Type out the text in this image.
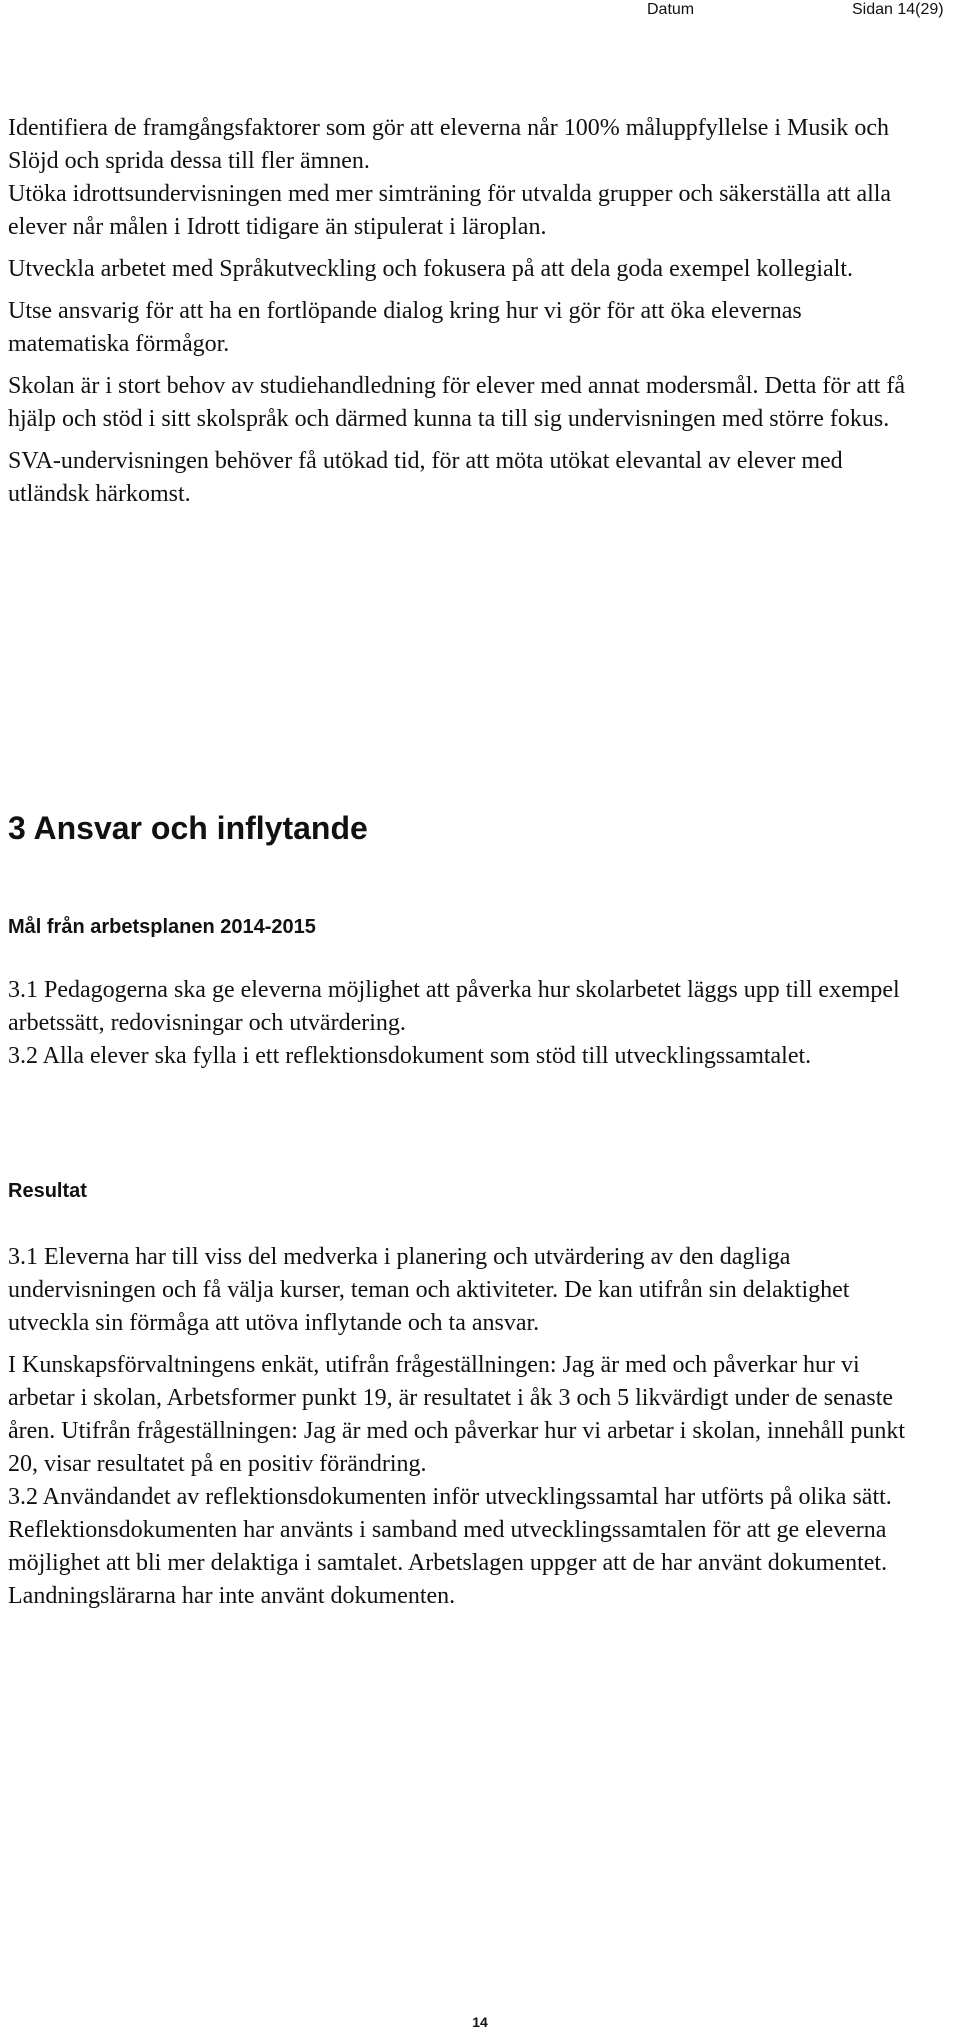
Datum	Sidan 14(29)

Identifiera de framgångsfaktorer som gör att eleverna når 100% måluppfyllelse i Musik och Slöjd och sprida dessa till fler ämnen.

Utöka idrottsundervisningen med mer simträning för utvalda grupper och säkerställa att alla elever når målen i Idrott tidigare än stipulerat i läroplan.

Utveckla arbetet med Språkutveckling och fokusera på att dela goda exempel kollegialt.

Utse ansvarig för att ha en fortlöpande dialog kring hur vi gör för att öka elevernas matematiska förmågor.

Skolan är i stort behov av studiehandledning för elever med annat modersmål. Detta för att få hjälp och stöd i sitt skolspråk och därmed kunna ta till sig undervisningen med större fokus.

SVA-undervisningen behöver få utökad tid, för att möta utökat elevantal av elever med utländsk härkomst.

3 Ansvar och inflytande
Mål från arbetsplanen 2014-2015

3.1 Pedagogerna ska ge eleverna möjlighet att påverka hur skolarbetet läggs upp till exempel arbetssätt, redovisningar och utvärdering.

3.2 Alla elever ska fylla i ett reflektionsdokument som stöd till utvecklingssamtalet.

Resultat

3.1 Eleverna har till viss del medverka i planering och utvärdering av den dagliga undervisningen och få välja kurser, teman och aktiviteter. De kan utifrån sin delaktighet utveckla sin förmåga att utöva inflytande och ta ansvar.

I Kunskapsförvaltningens enkät, utifrån frågeställningen: Jag är med och påverkar hur vi arbetar i skolan, Arbetsformer punkt 19, är resultatet i åk 3 och 5 likvärdigt under de senaste åren. Utifrån frågeställningen: Jag är med och påverkar hur vi arbetar i skolan, innehåll punkt 20, visar resultatet på en positiv förändring.

3.2 Användandet av reflektionsdokumenten inför utvecklingssamtal har utförts på olika sätt. Reflektionsdokumenten har använts i samband med utvecklingssamtalen för att ge eleverna möjlighet att bli mer delaktiga i samtalet. Arbetslagen uppger att de har använt dokumentet. Landningslärarna har inte använt dokumenten.

14
